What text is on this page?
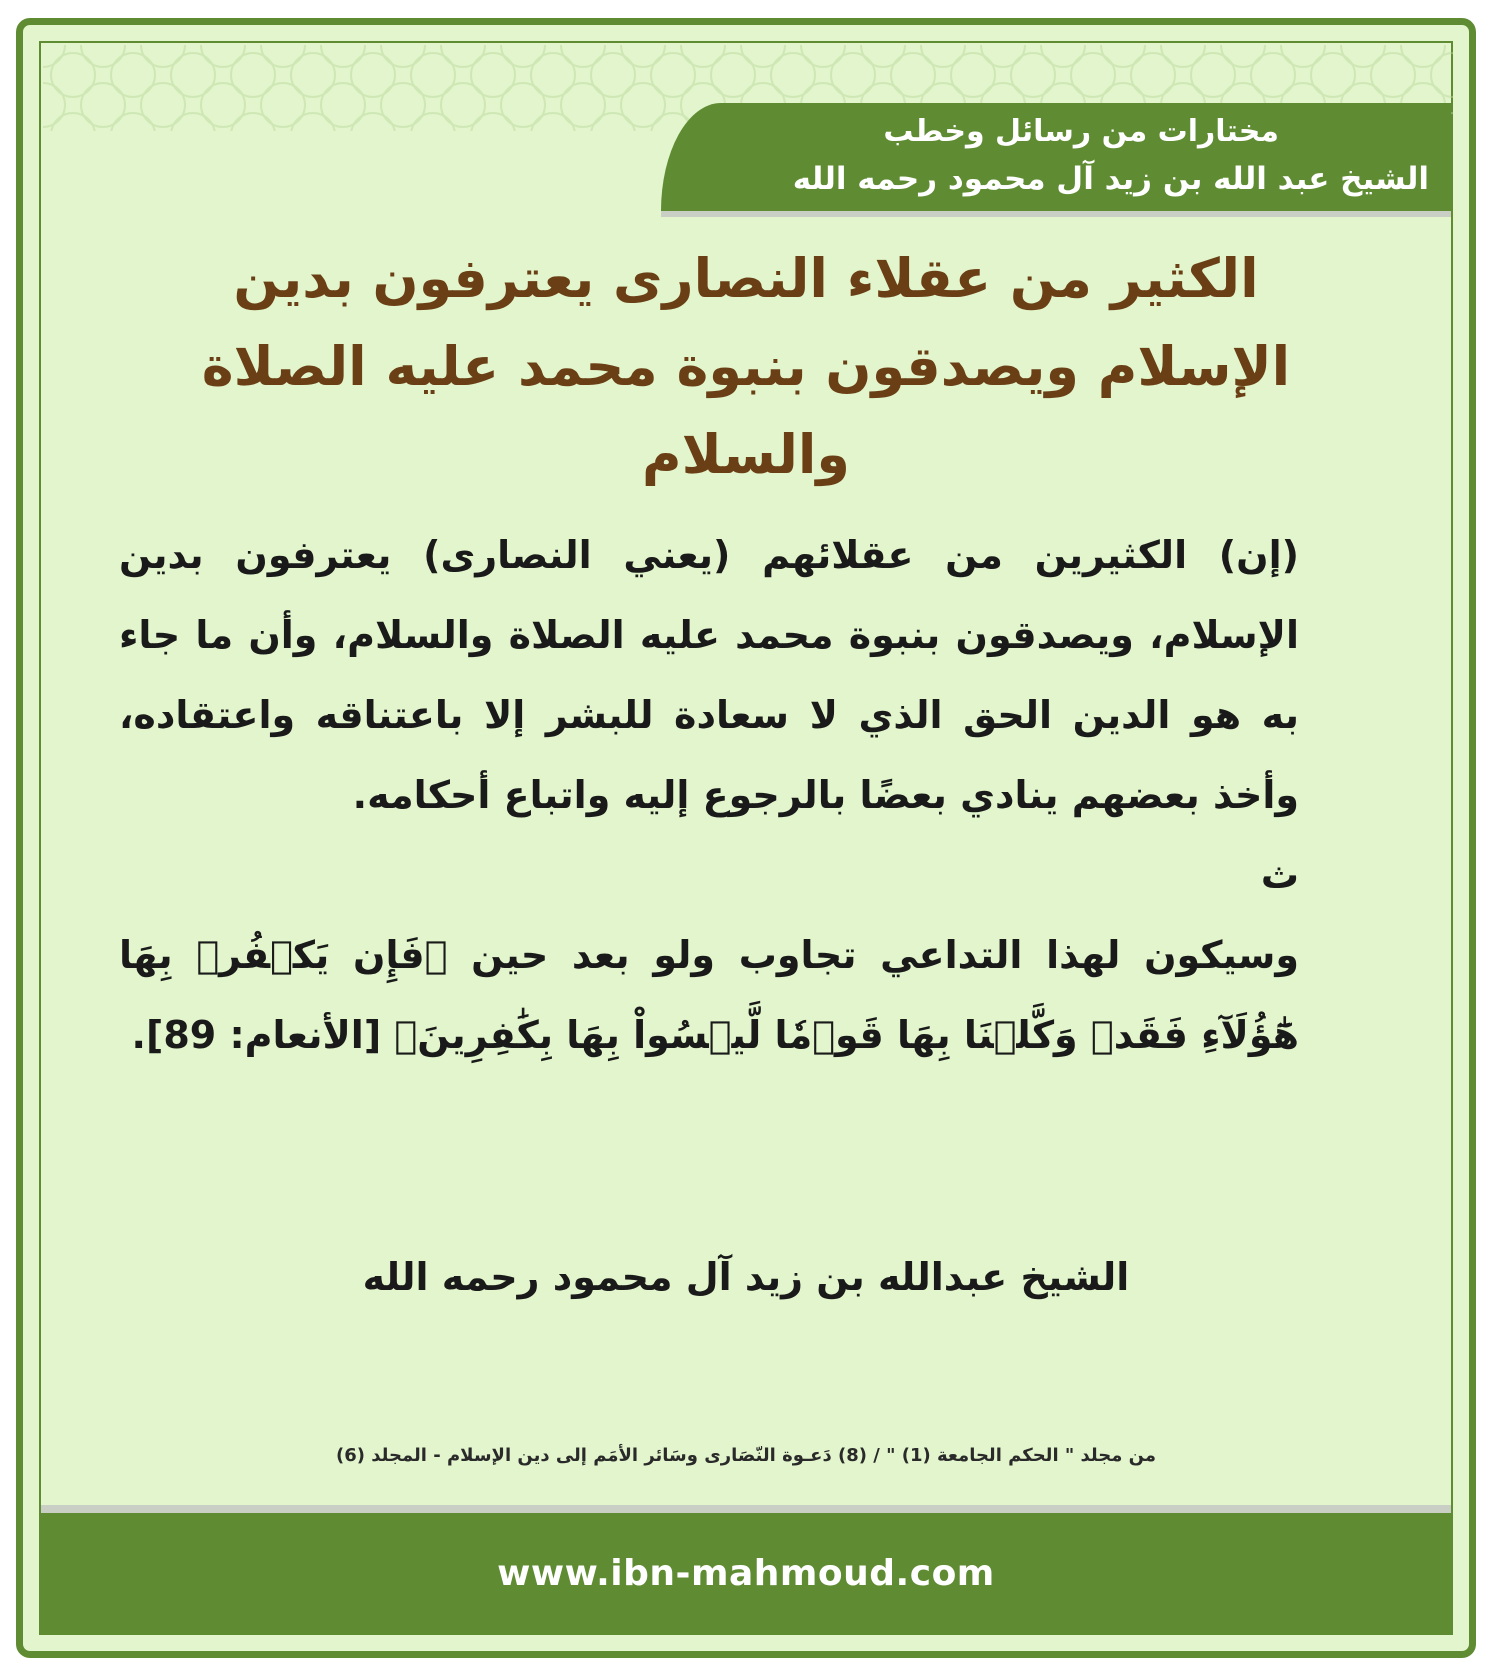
مختارات من رسائل وخطب
الشيخ عبد الله بن زيد آل محمود رحمه الله
الكثير من عقلاء النصارى يعترفون بدين الإسلام ويصدقون بنبوة محمد عليه الصلاة والسلام

(إن) الكثيرين من عقلائهم (يعني النصارى) يعترفون بدين الإسلام، ويصدقون بنبوة محمد عليه الصلاة والسلام، وأن ما جاء به هو الدين الحق الذي لا سعادة للبشر إلا باعتناقه واعتقاده، وأخذ بعضهم ينادي بعضًا بالرجوع إليه واتباع أحكامه.

ث

وسيكون لهذا التداعي تجاوب ولو بعد حين ﴿فَإِن يَكۡفُرۡ بِهَا هَٰٓؤُلَآءِ فَقَدۡ وَكَّلۡنَا بِهَا قَوۡمٗا لَّيۡسُواْ بِهَا بِكَٰفِرِينَ﴾ [الأنعام: 89].

الشيخ عبدالله بن زيد آل محمود رحمه الله
من مجلد " الحكم الجامعة (1) " / (8) دَعـوة النّصَارى وسَائر الأمَم إلى دين الإسلام - المجلد (6)
www.ibn-mahmoud.com
